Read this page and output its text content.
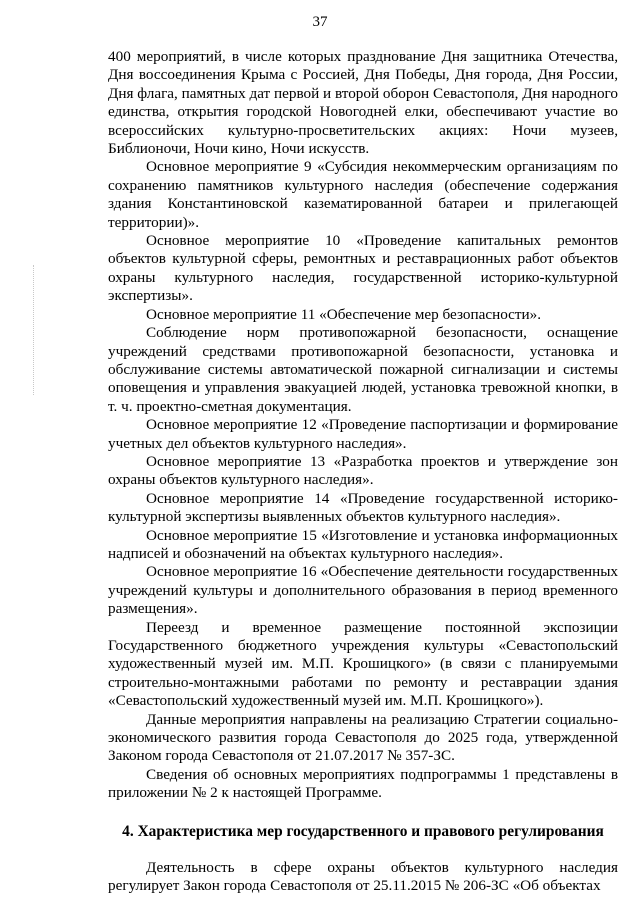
37

400 мероприятий, в числе которых празднование Дня защитника Отечества, Дня воссоединения Крыма с Россией, Дня Победы, Дня города, Дня России, Дня флага, памятных дат первой и второй оборон Севастополя, Дня народного единства, открытия городской Новогодней елки, обеспечивают участие во всероссийских культурно-просветительских акциях: Ночи музеев, Библионочи, Ночи кино, Ночи искусств.

Основное мероприятие 9 «Субсидия некоммерческим организациям по сохранению памятников культурного наследия (обеспечение содержания здания Константиновской казематированной батареи и прилегающей территории)».

Основное мероприятие 10 «Проведение капитальных ремонтов объектов культурной сферы, ремонтных и реставрационных работ объектов охраны культурного наследия, государственной историко-культурной экспертизы».

Основное мероприятие 11 «Обеспечение мер безопасности».

Соблюдение норм противопожарной безопасности, оснащение учреждений средствами противопожарной безопасности, установка и обслуживание системы автоматической пожарной сигнализации и системы оповещения и управления эвакуацией людей, установка тревожной кнопки, в т. ч. проектно-сметная документация.

Основное мероприятие 12 «Проведение паспортизации и формирование учетных дел объектов культурного наследия».

Основное мероприятие 13 «Разработка проектов и утверждение зон охраны объектов культурного наследия».

Основное мероприятие 14 «Проведение государственной историко-культурной экспертизы выявленных объектов культурного наследия».

Основное мероприятие 15 «Изготовление и установка информационных надписей и обозначений на объектах культурного наследия».

Основное мероприятие 16 «Обеспечение деятельности государственных учреждений культуры и дополнительного образования в период временного размещения».

Переезд и временное размещение постоянной экспозиции Государственного бюджетного учреждения культуры «Севастопольский художественный музей им. М.П. Крошицкого» (в связи с планируемыми строительно-монтажными работами по ремонту и реставрации здания «Севастопольский художественный музей им. М.П. Крошицкого»).

Данные мероприятия направлены на реализацию Стратегии социально-экономического развития города Севастополя до 2025 года, утвержденной Законом города Севастополя от 21.07.2017 № 357-ЗС.

Сведения об основных мероприятиях подпрограммы 1 представлены в приложении № 2 к настоящей Программе.

4. Характеристика мер государственного и правового регулирования

Деятельность в сфере охраны объектов культурного наследия регулирует Закон города Севастополя от 25.11.2015 № 206-ЗС «Об объектах
